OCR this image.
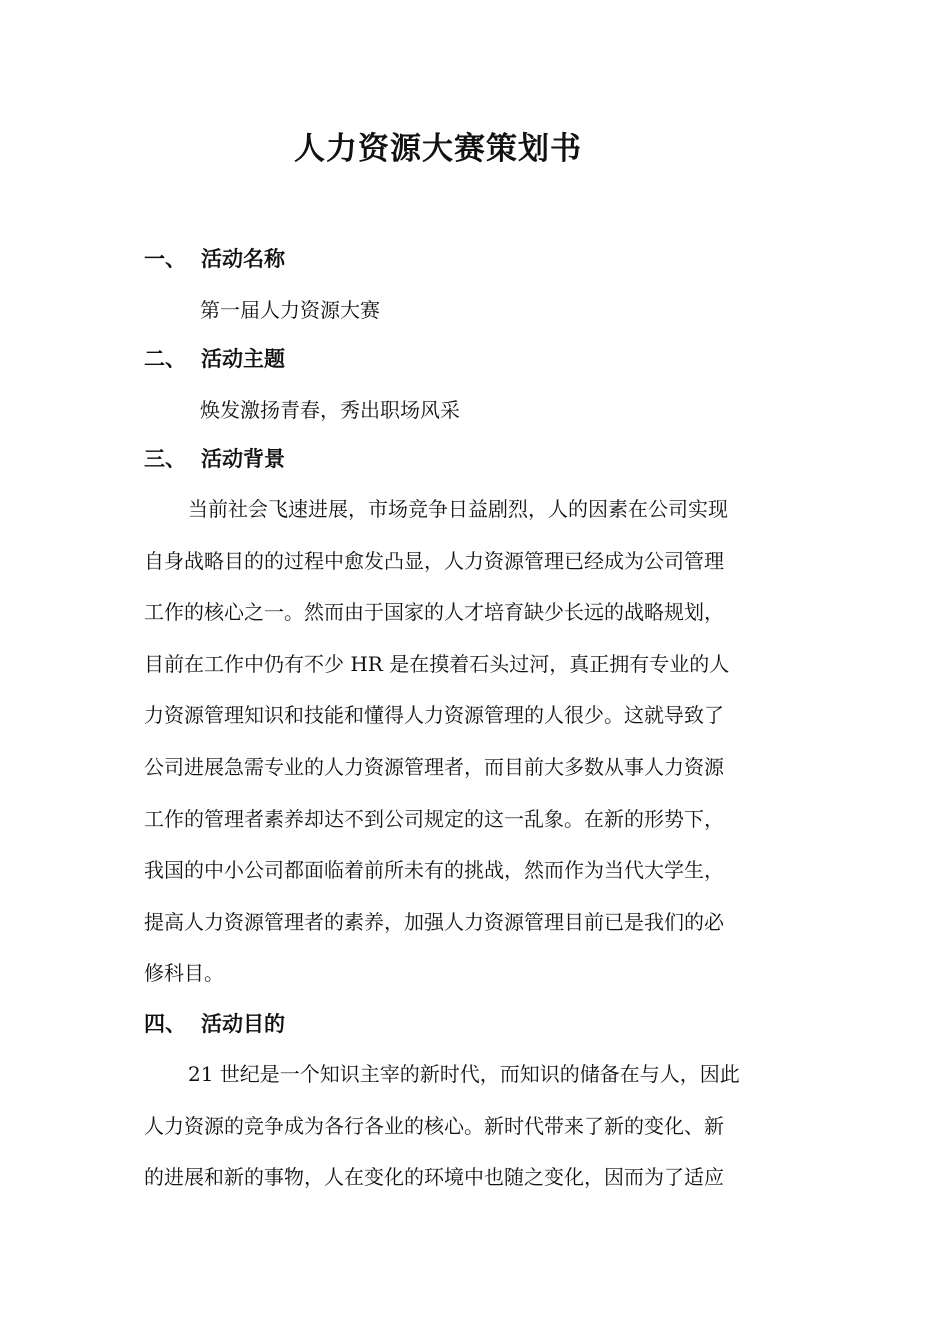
人力资源大赛策划书
一、 活动名称

第一届人力资源大赛

二、 活动主题

焕发激扬青春，秀出职场风采

三、 活动背景
当前社会飞速进展，市场竞争日益剧烈，人的因素在公司实现
自身战略目的的过程中愈发凸显，人力资源管理已经成为公司管理
工作的核心之一。然而由于国家的人才培育缺少长远的战略规划，
目前在工作中仍有不少 HR 是在摸着石头过河，真正拥有专业的人
力资源管理知识和技能和懂得人力资源管理的人很少。这就导致了
公司进展急需专业的人力资源管理者，而目前大多数从事人力资源
工作的管理者素养却达不到公司规定的这一乱象。在新的形势下，
我国的中小公司都面临着前所未有的挑战，然而作为当代大学生，
提高人力资源管理者的素养，加强人力资源管理目前已是我们的必
修科目。
四、 活动目的
21 世纪是一个知识主宰的新时代，而知识的储备在与人，因此
人力资源的竞争成为各行各业的核心。新时代带来了新的变化、新
的进展和新的事物，人在变化的环境中也随之变化，因而为了适应
